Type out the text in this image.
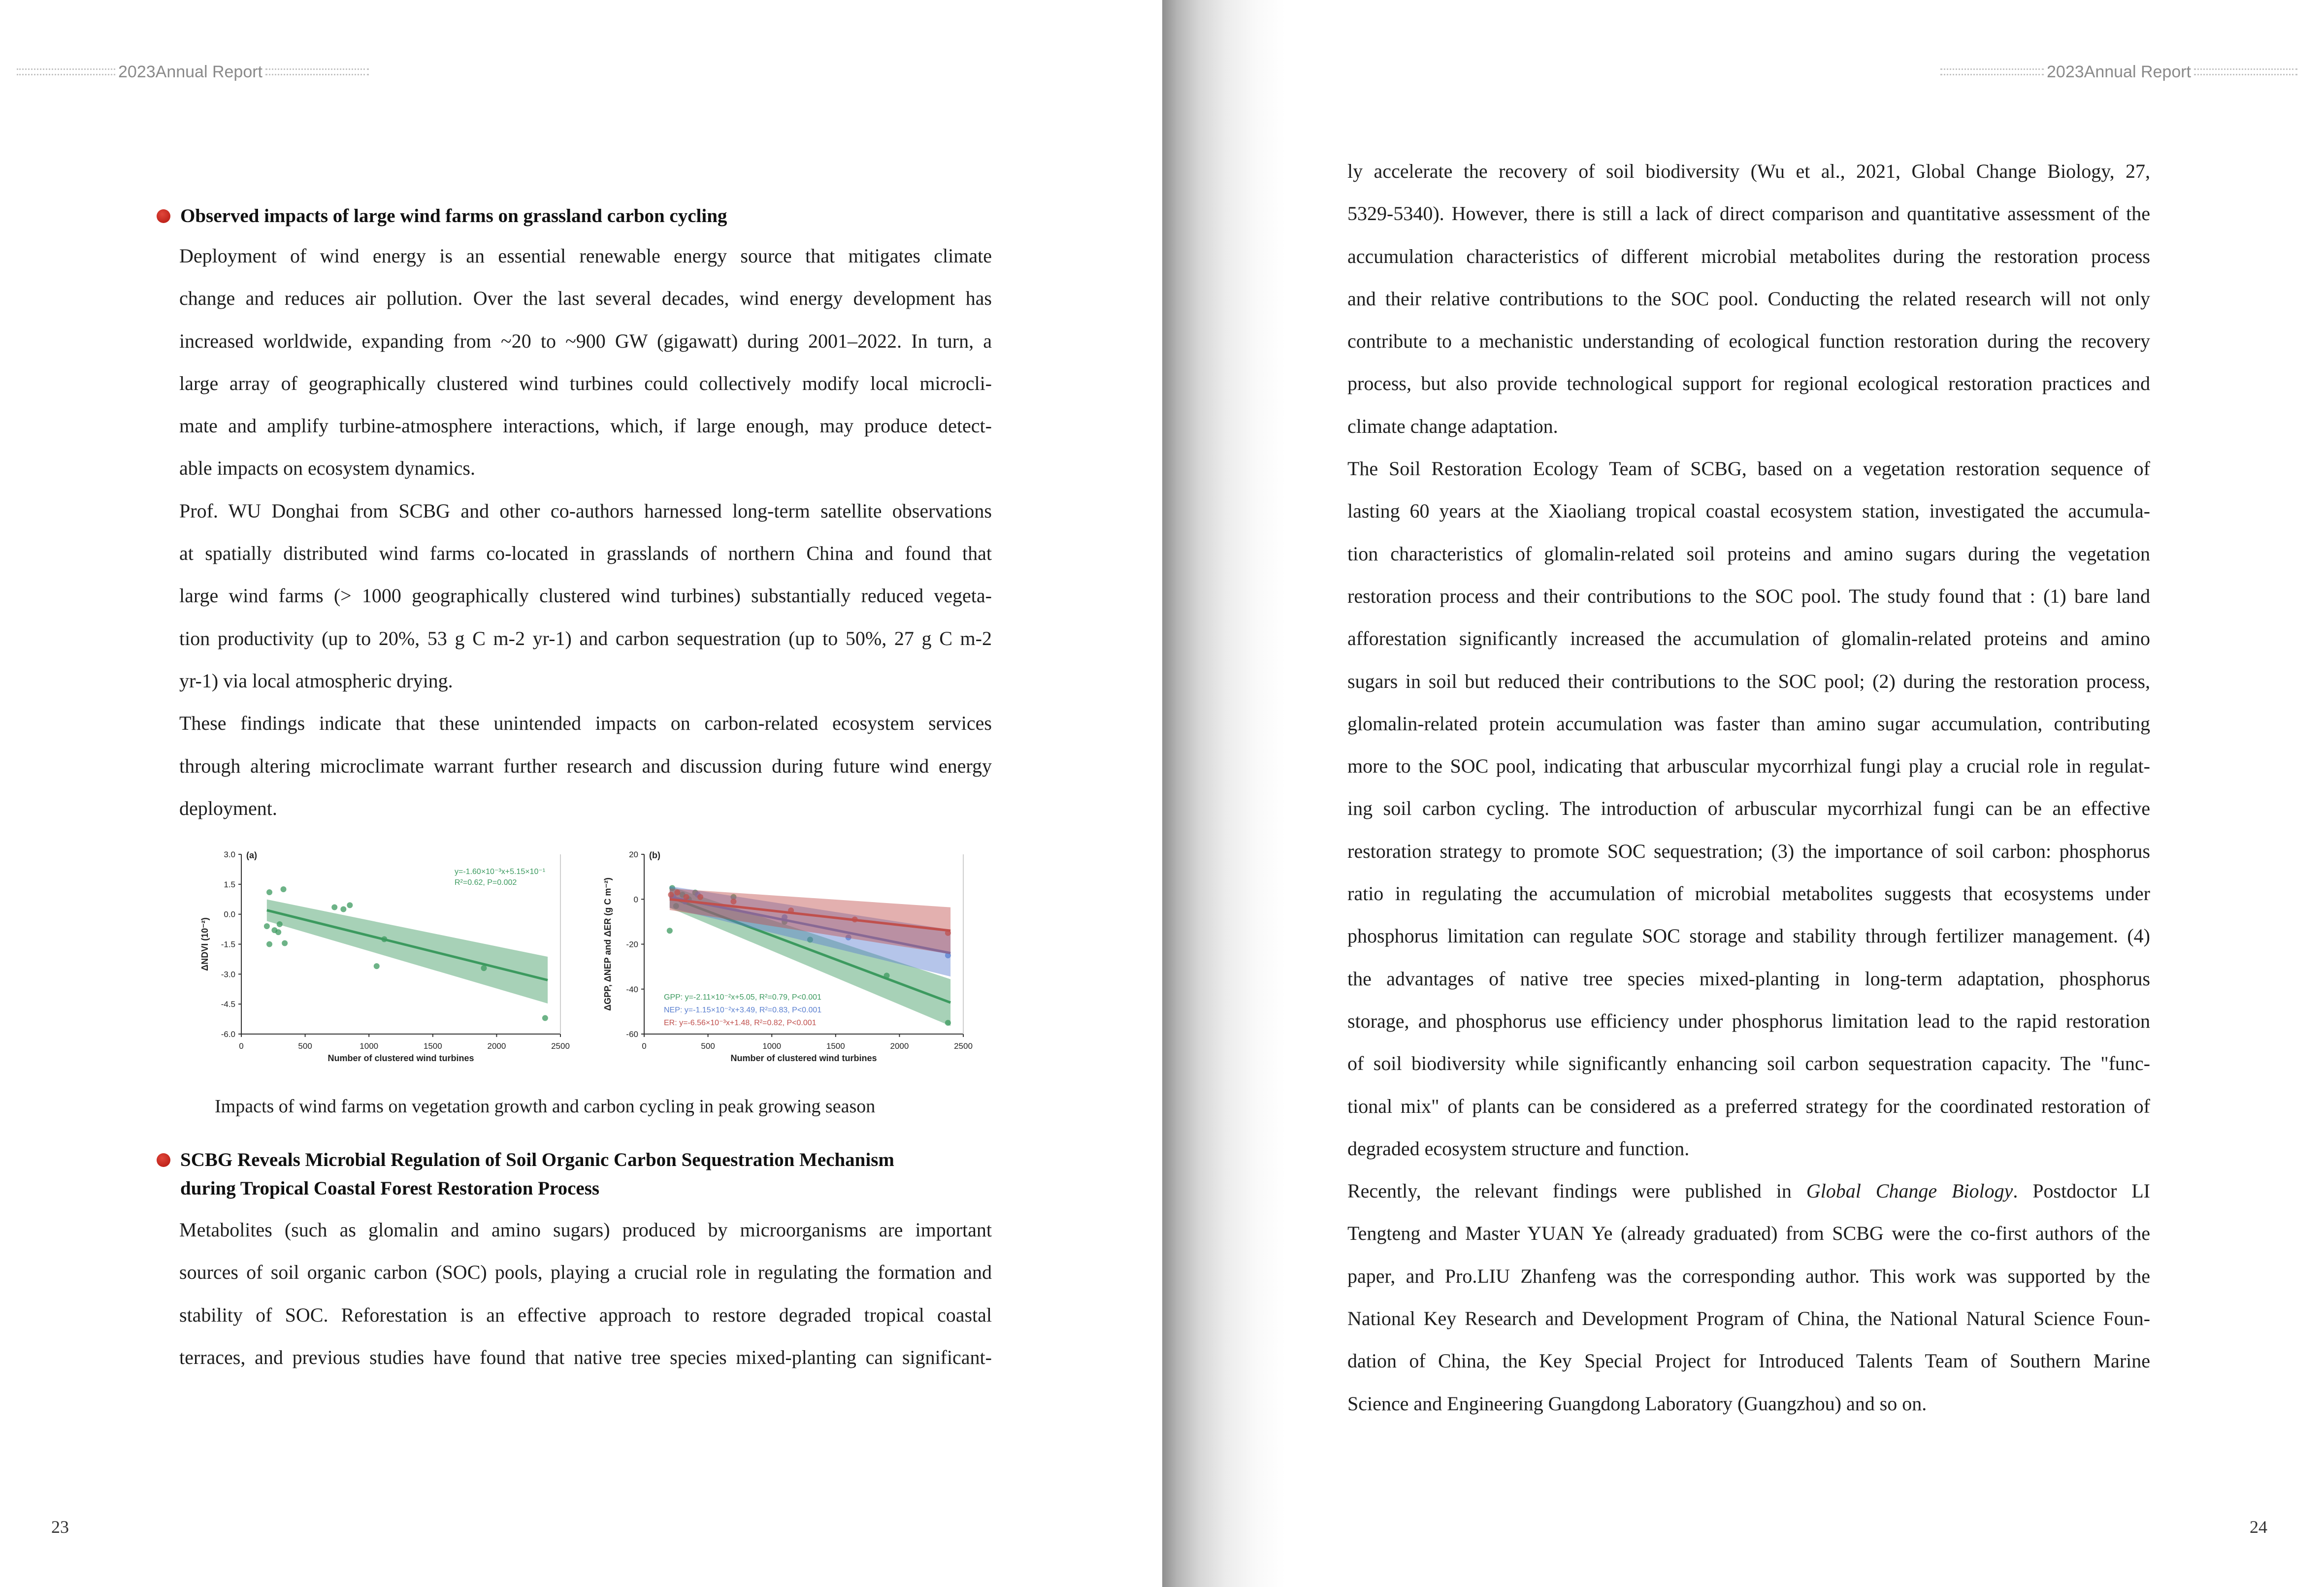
2023Annual Report
Observed impacts of large wind farms on grassland carbon cycling

Deployment of wind energy is an essential renewable energy source that mitigates climate

change and reduces air pollution. Over the last several decades, wind energy development has

increased worldwide, expanding from ~20 to ~900 GW (gigawatt) during 2001–2022. In turn, a

large array of geographically clustered wind turbines could collectively modify local microcli-

mate and amplify turbine-atmosphere interactions, which, if large enough, may produce detect-

able impacts on ecosystem dynamics.

Prof. WU Donghai from SCBG and other co-authors harnessed long-term satellite observations

at spatially distributed wind farms co-located in grasslands of northern China and found that

large wind farms (> 1000 geographically clustered wind turbines) substantially reduced vegeta-

tion productivity (up to 20%, 53 g C m-2 yr-1) and carbon sequestration (up to 50%, 27 g C m-2

yr-1) via local atmospheric drying.

These findings indicate that these unintended impacts on carbon-related ecosystem services

through altering microclimate warrant further research and discussion during future wind energy

deployment.

0	500	1000	1500	2000	2500
3.0
1.5
0.0
-1.5
-3.0
-4.5
-6.0
Number of clustered wind turbines
ΔNDVI (10⁻²)
(a)
y=-1.60×10⁻³x+5.15×10⁻¹
R²=0.62, P=0.002
0	500	1000	1500	2000	2500
20
0
-20
-40
-60
Number of clustered wind turbines
ΔGPP, ΔNEP and ΔER (g C m⁻²)
(b)
GPP: y=-2.11×10⁻²x+5.05, R²=0.79, P<0.001
NEP: y=-1.15×10⁻²x+3.49, R²=0.83, P<0.001
ER: y=-6.56×10⁻³x+1.48, R²=0.82, P<0.001
Impacts of wind farms on vegetation growth and carbon cycling in peak growing season
SCBG Reveals Microbial Regulation of Soil Organic Carbon Sequestration Mechanism
during Tropical Coastal Forest Restoration Process

Metabolites (such as glomalin and amino sugars) produced by microorganisms are important

sources of soil organic carbon (SOC) pools, playing a crucial role in regulating the formation and

stability of SOC. Reforestation is an effective approach to restore degraded tropical coastal

terraces, and previous studies have found that native tree species mixed-planting can significant-

23
2023Annual Report

ly accelerate the recovery of soil biodiversity (Wu et al., 2021, Global Change Biology, 27,

5329-5340). However, there is still a lack of direct comparison and quantitative assessment of the

accumulation characteristics of different microbial metabolites during the restoration process

and their relative contributions to the SOC pool. Conducting the related research will not only

contribute to a mechanistic understanding of ecological function restoration during the recovery

process, but also provide technological support for regional ecological restoration practices and

climate change adaptation.

The Soil Restoration Ecology Team of SCBG, based on a vegetation restoration sequence of

lasting 60 years at the Xiaoliang tropical coastal ecosystem station, investigated the accumula-

tion characteristics of glomalin-related soil proteins and amino sugars during the vegetation

restoration process and their contributions to the SOC pool. The study found that : (1) bare land

afforestation significantly increased the accumulation of glomalin-related proteins and amino

sugars in soil but reduced their contributions to the SOC pool; (2) during the restoration process,

glomalin-related protein accumulation was faster than amino sugar accumulation, contributing

more to the SOC pool, indicating that arbuscular mycorrhizal fungi play a crucial role in regulat-

ing soil carbon cycling. The introduction of arbuscular mycorrhizal fungi can be an effective

restoration strategy to promote SOC sequestration; (3) the importance of soil carbon: phosphorus

ratio in regulating the accumulation of microbial metabolites suggests that ecosystems under

phosphorus limitation can regulate SOC storage and stability through fertilizer management. (4)

the advantages of native tree species mixed-planting in long-term adaptation, phosphorus

storage, and phosphorus use efficiency under phosphorus limitation lead to the rapid restoration

of soil biodiversity while significantly enhancing soil carbon sequestration capacity. The "func-

tional mix" of plants can be considered as a preferred strategy for the coordinated restoration of

degraded ecosystem structure and function.

Recently, the relevant findings were published in Global Change Biology. Postdoctor LI

Tengteng and Master YUAN Ye (already graduated) from SCBG were the co-first authors of the

paper, and Pro.LIU Zhanfeng was the corresponding author. This work was supported by the

National Key Research and Development Program of China, the National Natural Science Foun-

dation of China, the Key Special Project for Introduced Talents Team of Southern Marine

Science and Engineering Guangdong Laboratory (Guangzhou) and so on.

24
